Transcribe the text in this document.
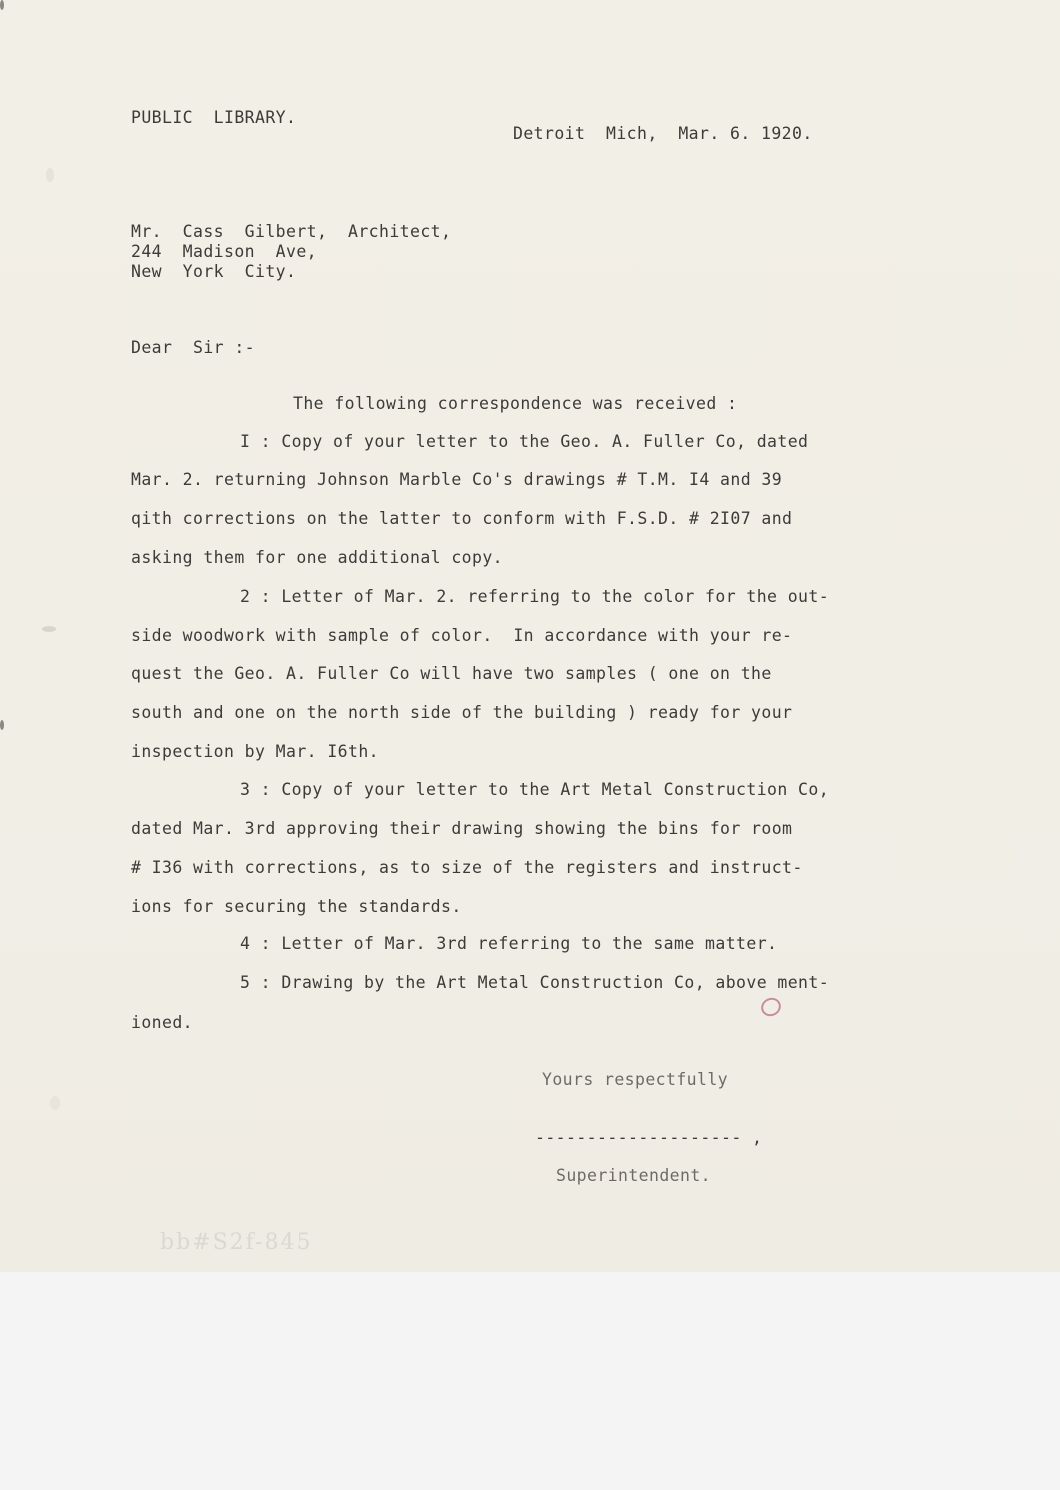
PUBLIC  LIBRARY.
Detroit  Mich,  Mar. 6. 1920.
Mr.  Cass  Gilbert,  Architect,
244  Madison  Ave,
New  York  City.
Dear  Sir :-
The following correspondence was received :
I : Copy of your letter to the Geo. A. Fuller Co, dated
Mar. 2. returning Johnson Marble Co's drawings # T.M. I4 and 39
qith corrections on the latter to conform with F.S.D. # 2I07 and
asking them for one additional copy.
2 : Letter of Mar. 2. referring to the color for the out-
side woodwork with sample of color.  In accordance with your re-
quest the Geo. A. Fuller Co will have two samples ( one on the
south and one on the north side of the building ) ready for your
inspection by Mar. I6th.
3 : Copy of your letter to the Art Metal Construction Co,
dated Mar. 3rd approving their drawing showing the bins for room
# I36 with corrections, as to size of the registers and instruct-
ions for securing the standards.
4 : Letter of Mar. 3rd referring to the same matter.
5 : Drawing by the Art Metal Construction Co, above ment-
ioned.
Yours respectfully
-------------------- ,
Superintendent.
bb#S2f-845
